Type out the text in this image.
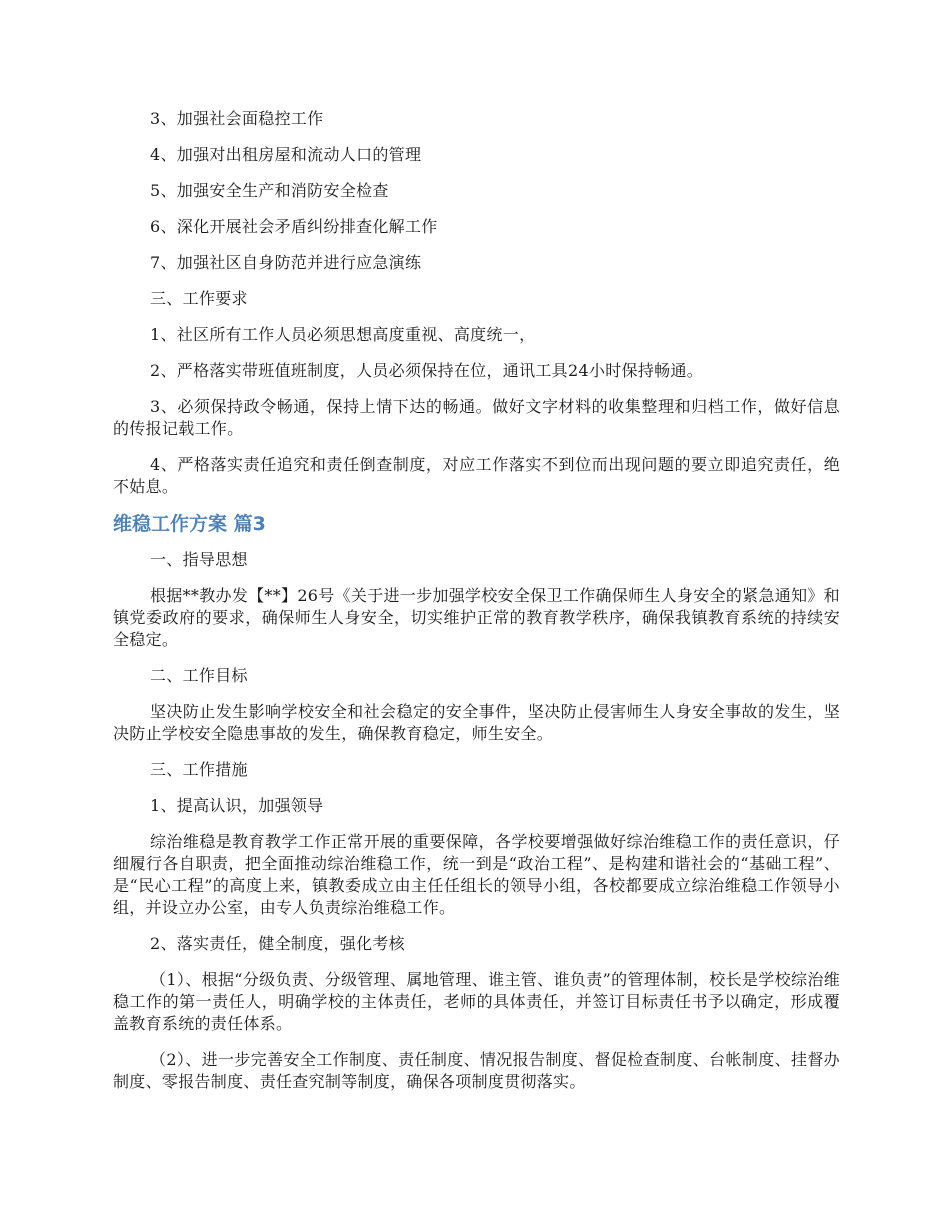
3、加强社会面稳控工作

4、加强对出租房屋和流动人口的管理

5、加强安全生产和消防安全检查

6、深化开展社会矛盾纠纷排查化解工作

7、加强社区自身防范并进行应急演练

三、工作要求

1、社区所有工作人员必须思想高度重视、高度统一，

2、严格落实带班值班制度，人员必须保持在位，通讯工具24小时保持畅通。

3、必须保持政令畅通，保持上情下达的畅通。做好文字材料的收集整理和归档工作，做好信息的传报记载工作。

4、严格落实责任追究和责任倒查制度，对应工作落实不到位而出现问题的要立即追究责任，绝不姑息。

维稳工作方案 篇3

一、指导思想

根据**教办发【**】26号《关于进一步加强学校安全保卫工作确保师生人身安全的紧急通知》和镇党委政府的要求，确保师生人身安全，切实维护正常的教育教学秩序，确保我镇教育系统的持续安全稳定。

二、工作目标

坚决防止发生影响学校安全和社会稳定的安全事件，坚决防止侵害师生人身安全事故的发生，坚决防止学校安全隐患事故的发生，确保教育稳定，师生安全。

三、工作措施

1、提高认识，加强领导

综治维稳是教育教学工作正常开展的重要保障，各学校要增强做好综治维稳工作的责任意识，仔细履行各自职责，把全面推动综治维稳工作，统一到是“政治工程”、是构建和谐社会的“基础工程”、是“民心工程”的高度上来，镇教委成立由主任任组长的领导小组，各校都要成立综治维稳工作领导小组，并设立办公室，由专人负责综治维稳工作。

2、落实责任，健全制度，强化考核

（1）、根据“分级负责、分级管理、属地管理、谁主管、谁负责”的管理体制，校长是学校综治维稳工作的第一责任人，明确学校的主体责任，老师的具体责任，并签订目标责任书予以确定，形成覆盖教育系统的责任体系。

（2）、进一步完善安全工作制度、责任制度、情况报告制度、督促检查制度、台帐制度、挂督办制度、零报告制度、责任查究制等制度，确保各项制度贯彻落实。
